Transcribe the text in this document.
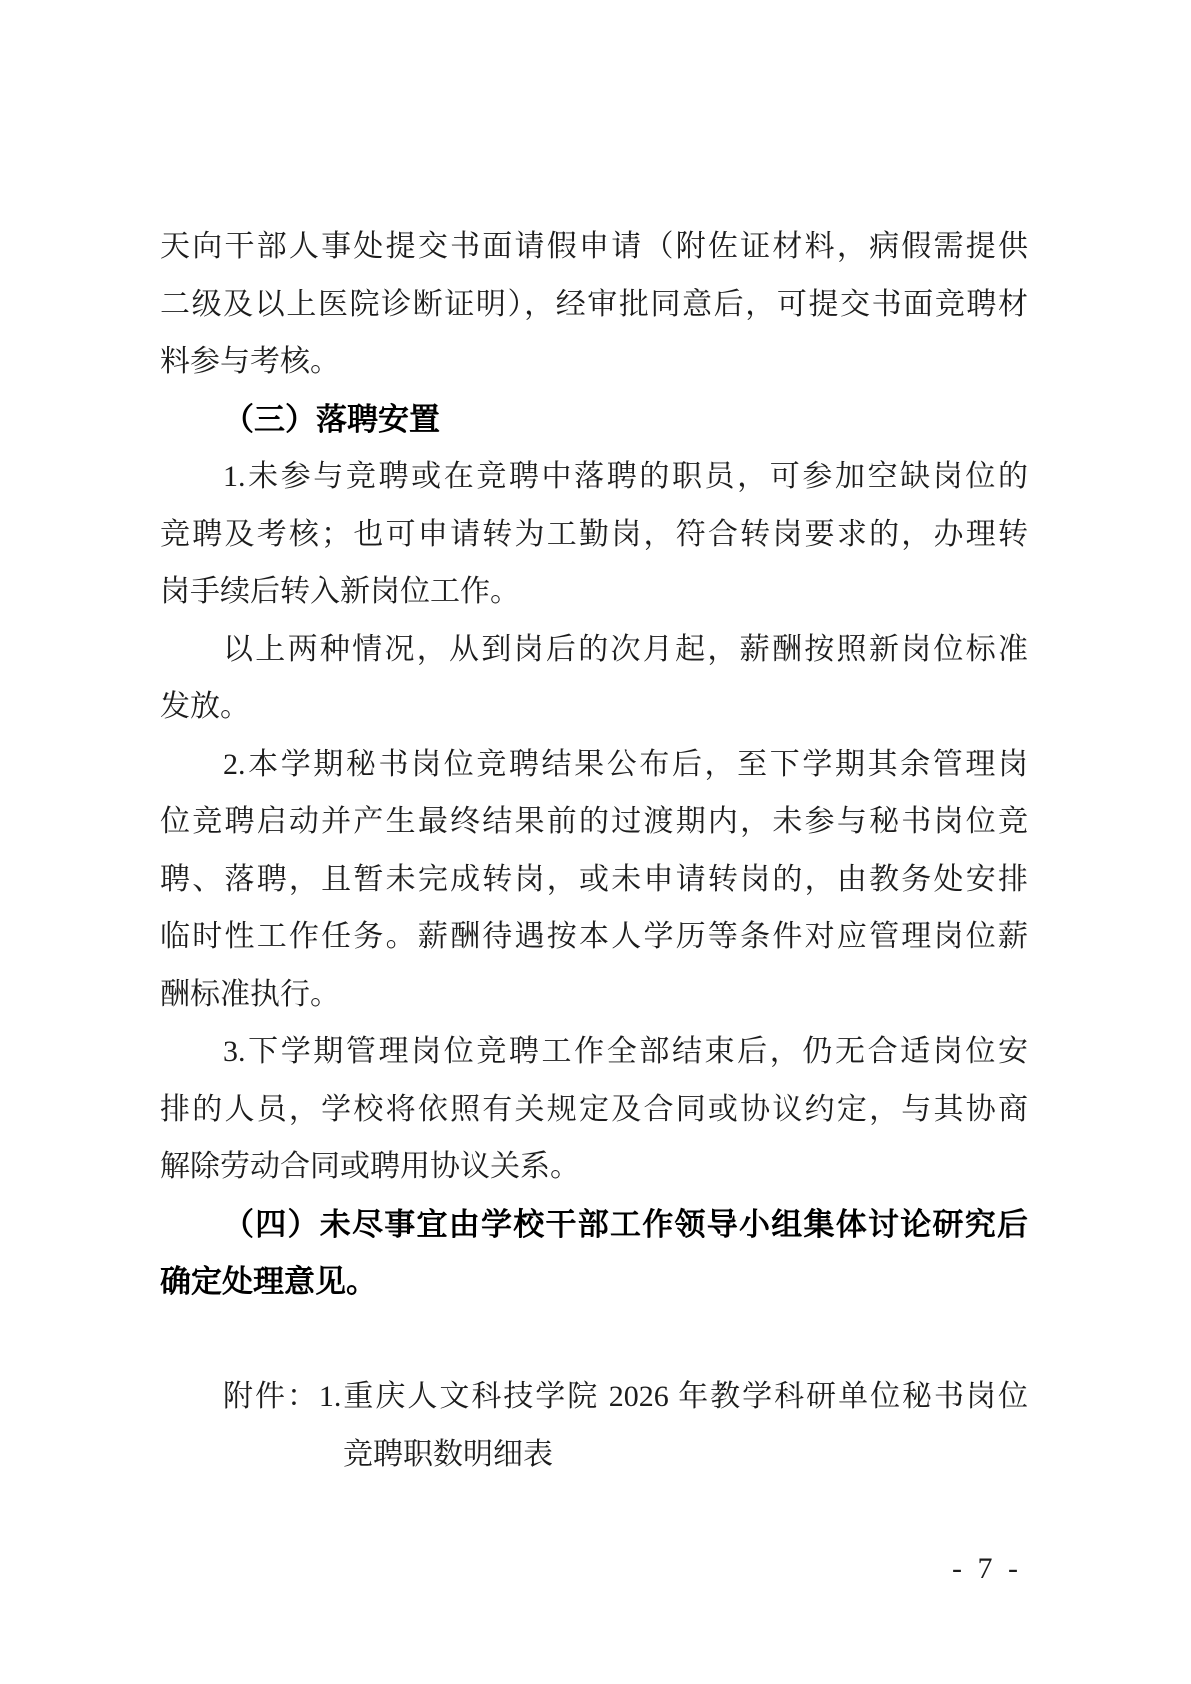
天向干部人事处提交书面请假申请（附佐证材料，病假需提供
二级及以上医院诊断证明），经审批同意后，可提交书面竞聘材
料参与考核。
（三）落聘安置
1.未参与竞聘或在竞聘中落聘的职员，可参加空缺岗位的
竞聘及考核；也可申请转为工勤岗，符合转岗要求的，办理转
岗手续后转入新岗位工作。
以上两种情况，从到岗后的次月起，薪酬按照新岗位标准
发放。
2.本学期秘书岗位竞聘结果公布后，至下学期其余管理岗
位竞聘启动并产生最终结果前的过渡期内，未参与秘书岗位竞
聘、落聘，且暂未完成转岗，或未申请转岗的，由教务处安排
临时性工作任务。薪酬待遇按本人学历等条件对应管理岗位薪
酬标准执行。
3.下学期管理岗位竞聘工作全部结束后，仍无合适岗位安
排的人员，学校将依照有关规定及合同或协议约定，与其协商
解除劳动合同或聘用协议关系。
（四）未尽事宜由学校干部工作领导小组集体讨论研究后
确定处理意见。
附件：1.重庆人文科技学院 2026 年教学科研单位秘书岗位
竞聘职数明细表
- 7 -
